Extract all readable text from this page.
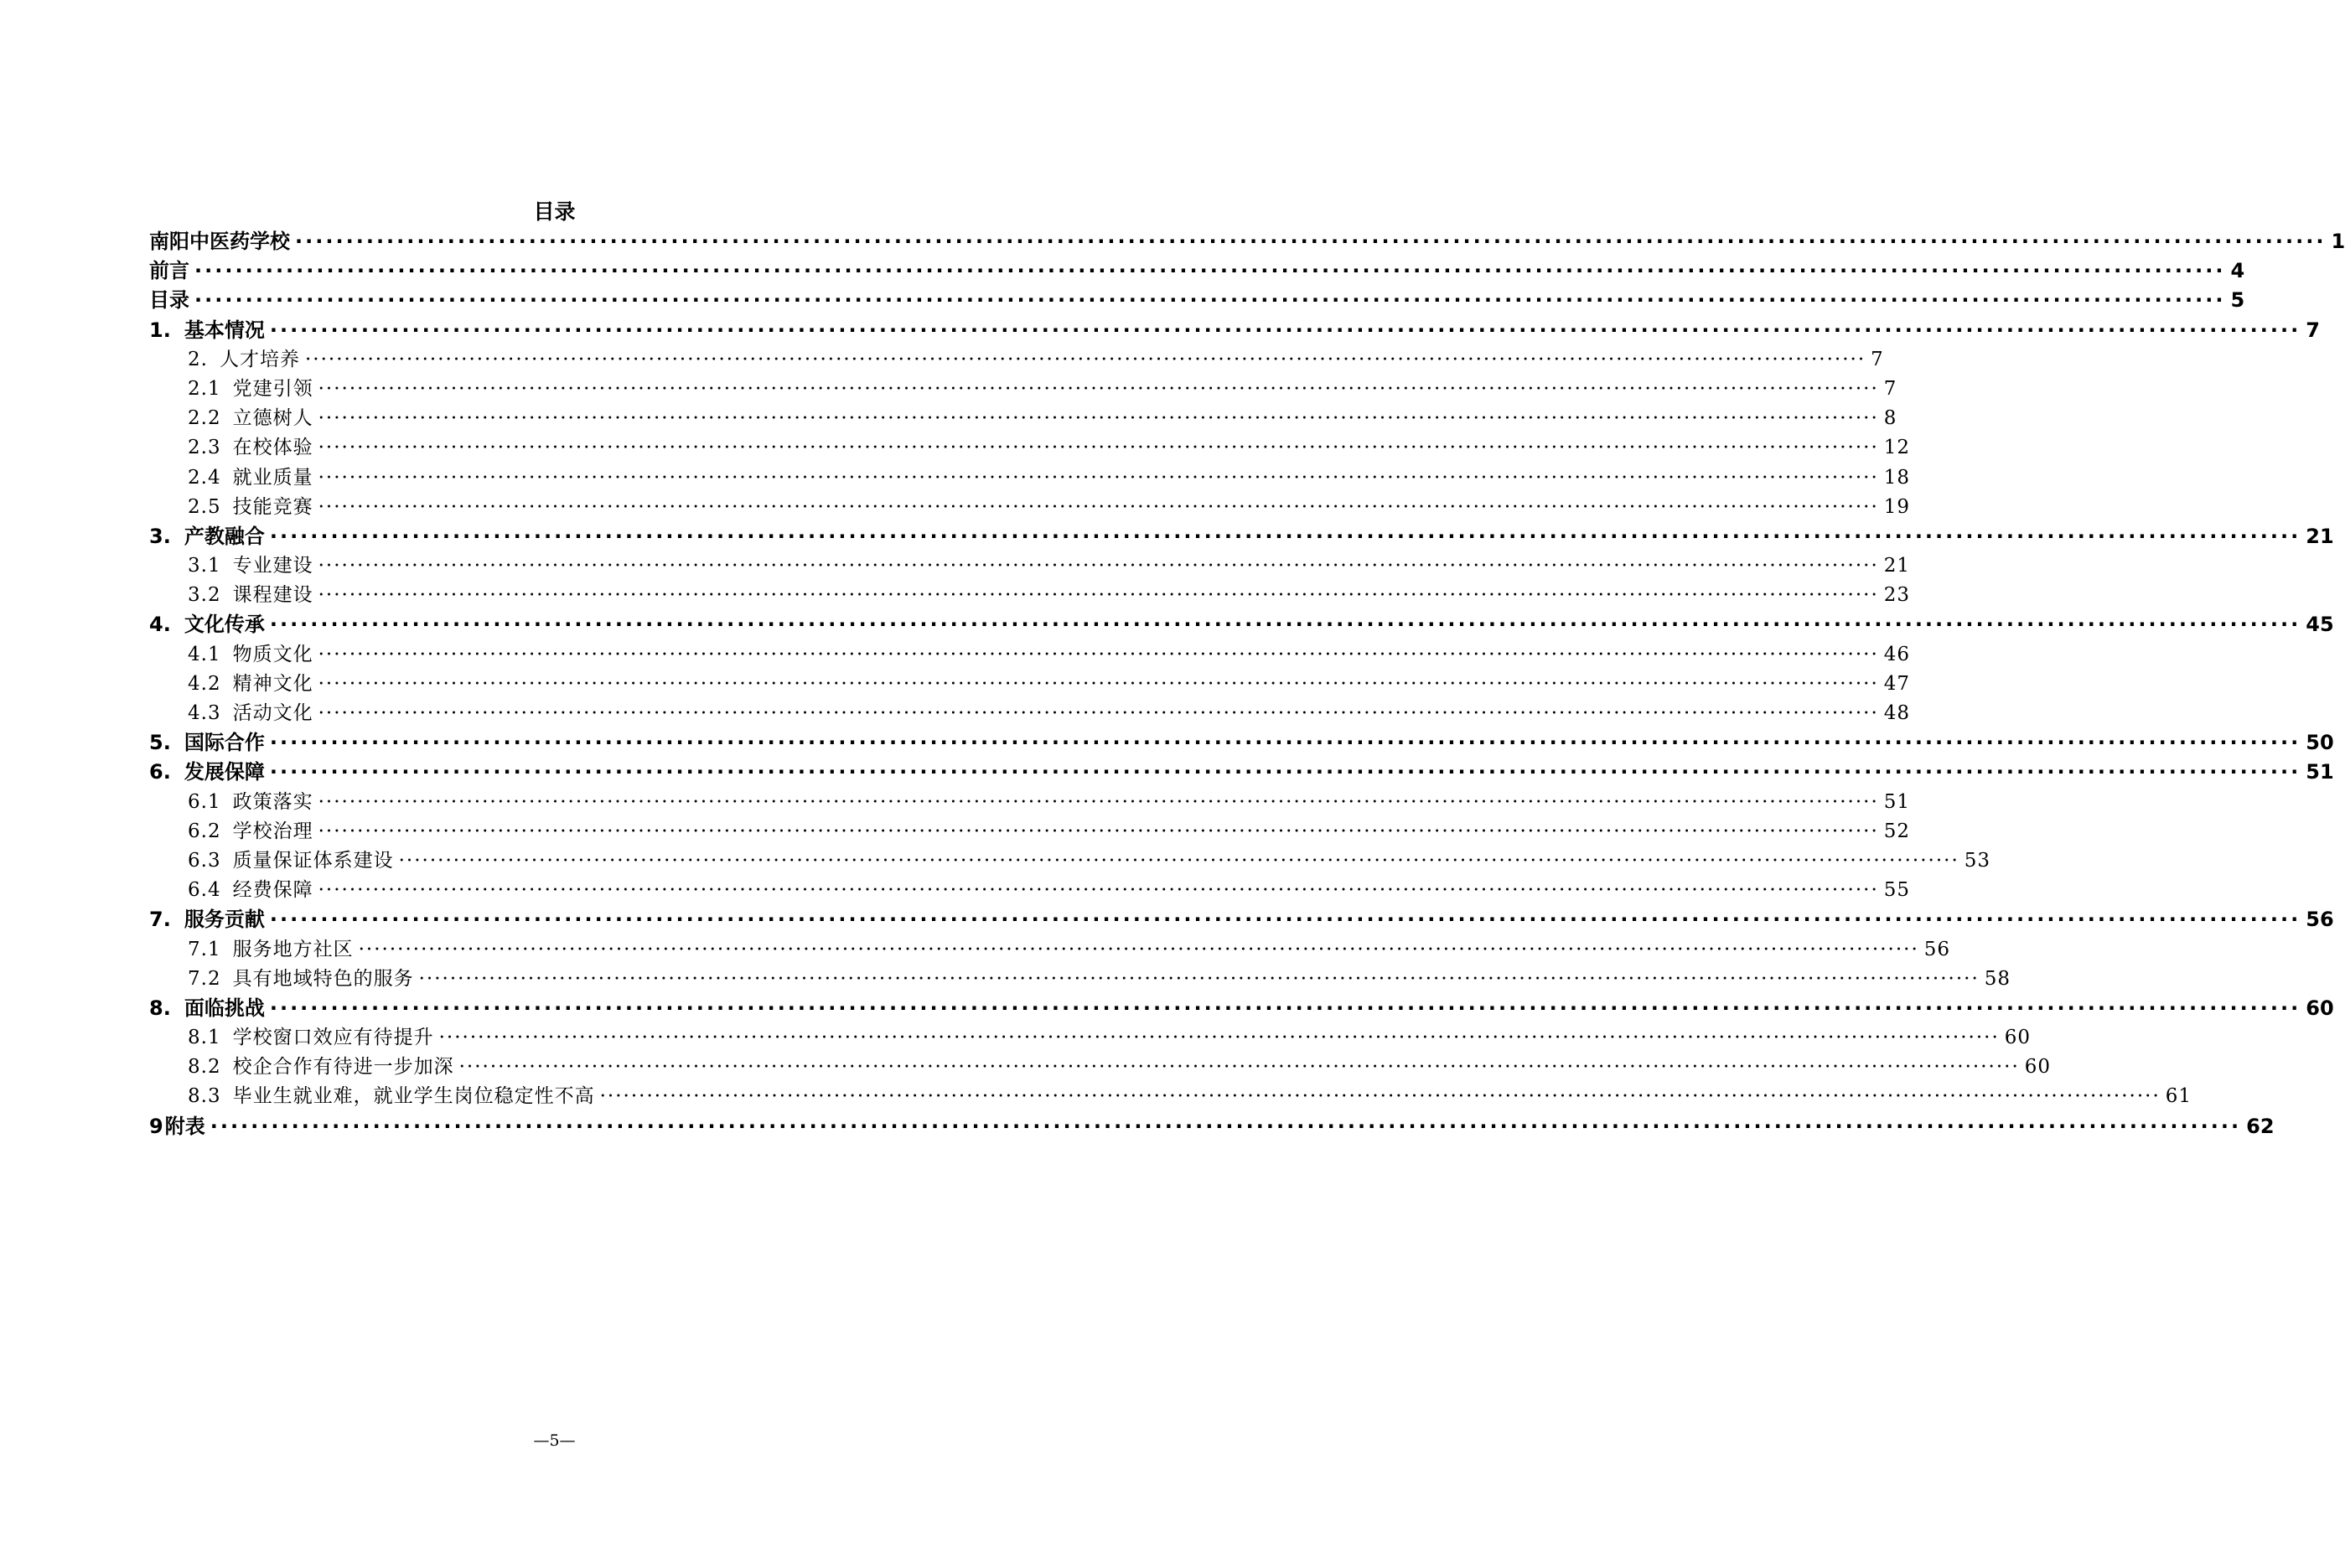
目录
南阳中医药学校 ········································································································································································································ 1
前言 ········································································································································································································ 4
目录 ········································································································································································································ 5
1. 基本情况 ········································································································································································································ 7
2. 人才培养 ········································································································································································································ 7
2.1 党建引领 ········································································································································································································ 7
2.2 立德树人 ········································································································································································································ 8
2.3 在校体验 ········································································································································································································ 12
2.4 就业质量 ········································································································································································································ 18
2.5 技能竞赛 ········································································································································································································ 19
3. 产教融合 ········································································································································································································ 21
3.1 专业建设 ········································································································································································································ 21
3.2 课程建设 ········································································································································································································ 23
4. 文化传承 ········································································································································································································ 45
4.1 物质文化 ········································································································································································································ 46
4.2 精神文化 ········································································································································································································ 47
4.3 活动文化 ········································································································································································································ 48
5. 国际合作 ········································································································································································································ 50
6. 发展保障 ········································································································································································································ 51
6.1 政策落实 ········································································································································································································ 51
6.2 学校治理 ········································································································································································································ 52
6.3 质量保证体系建设 ········································································································································································································ 53
6.4 经费保障 ········································································································································································································ 55
7. 服务贡献 ········································································································································································································ 56
7.1 服务地方社区 ········································································································································································································ 56
7.2 具有地域特色的服务 ········································································································································································································ 58
8. 面临挑战 ········································································································································································································ 60
8.1 学校窗口效应有待提升 ········································································································································································································ 60
8.2 校企合作有待进一步加深 ········································································································································································································ 60
8.3 毕业生就业难，就业学生岗位稳定性不高 ········································································································································································································ 61
9 附表 ········································································································································································································ 62
—5—
